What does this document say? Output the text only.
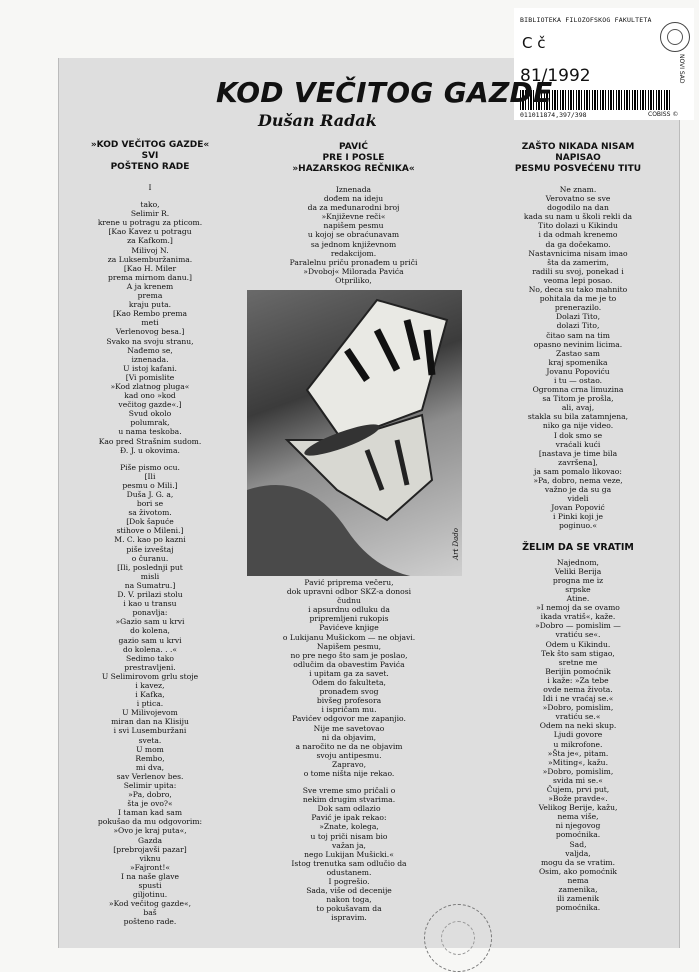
BIBLIOTEKA FILOZOFSKOG FAKULTETA
NOVI SAD
C č
81/1992
011011874,397/398	COBISS ©
KOD VEČITOG GAZDE
Dušan Radak
»KOD VEČITOG GAZDE«
SVI
POŠTENO RADE
I
tako,
Selimir R.
krene u potragu za pticom.
[Kao Kavez u potragu
za Kafkom.]
Milivoj N.
za Luksemburžanima.
[Kao H. Miler
prema mirnom danu.]
A ja krenem
prema
kraju puta.
[Kao Rembo prema
meti
Verlenovog besa.]
Svako na svoju stranu,
Nađemo se,
iznenada.
U istoj kafani.
[Vi pomislite
»Kod zlatnog pluga«
kad ono »kod
večitog gazde«.]
Svud okolo
polumrak,
u nama teskoba.
Kao pred Strašnim sudom.
Đ. J. u okovima.
Piše pismo ocu.
[Ili
pesmu o Mili.]
Duša J. G. a,
bori se
sa životom.
[Dok šapuće
stihove o Mileni.]
M. C. kao po kazni
piše izveštaj
o čuranu.
[Ili, poslednji put
misli
na Sumatru.]
D. V. prilazi stolu
i kao u transu
ponavlja:
»Gazio sam u krvi
do kolena,
gazio sam u krvi
do kolena. . .«
Sedimo tako
prestravljeni.
U Selimirovom grlu stoje
i kavez,
i Kafka,
i ptica.
U Milivojevom
miran dan na Klisiju
i svi Lusemburžani
sveta.
U mom
Rembo,
mi dva,
sav Verlenov bes.
Selimir upita:
»Pa, dobro,
šta je ovo?«
I taman kad sam
pokušao da mu odgovorim:
»Ovo je kraj puta«,
Gazda
[prebrojavši pazar]
viknu
»Fajront!«
I na naše glave
spusti
giljotinu.
»Kod večitog gazde«,
baš
pošteno rade.
PAVIĆ
PRE I POSLE
»HAZARSKOG REČNIKA«
Iznenada
dođem na ideju
da za međunarodni broj
»Književne reči«
napišem pesmu
u kojoj se obraćunavam
sa jednom književnom
redakcijom.
Paralelnu priču pronađem u priči
»Dvoboj« Milorada Pavića
Otpriliko,
Art Dado
Pavić priprema večeru,
dok upravni odbor SKZ-a donosi
čudnu
i apsurdnu odluku da
pripremljeni rukopis
Pavićeve knjige
o Lukijanu Mušickom — ne objavi.
Napišem pesmu,
no pre nego što sam je poslao,
odlučim da obavestim Pavića
i upitam ga za savet.
Odem do fakulteta,
pronađem svog
bivšeg profesora
i ispričam mu.
Pavićev odgovor me zapanjio.
Nije me savetovao
ni da objavim,
a naročito ne da ne objavim
svoju antipesmu.
Zapravo,
o tome ništa nije rekao.
Sve vreme smo pričali o
nekim drugim stvarima.
Dok sam odlazio
Pavić je ipak rekao:
»Znate, kolega,
u toj priči nisam bio
važan ja,
nego Lukijan Mušicki.«
Istog trenutka sam odlučio da
odustanem.
I pogrešio.
Sada, više od decenije
nakon toga,
to pokušavam da
ispravim.
ZAŠTO NIKADA NISAM
NAPISAO
PESMU POSVEĆENU TITU
Ne znam.
Verovatno se sve
dogodilo na dan
kada su nam u školi rekli da
Tito dolazi u Kikindu
i da odmah krenemo
da ga dočekamo.
Nastavnicima nisam imao
šta da zamerim,
radili su svoj, ponekad i
veoma lepi posao.
No, deca su tako mahnito
pohitala da me je to
prenerazilo.
Dolazi Tito,
dolazi Tito,
čitao sam na tim
opasno nevinim licima.
Zastao sam
kraj spomenika
Jovanu Popoviću
i tu — ostao.
Ogromna crna limuzina
sa Titom je prošla,
ali, avaj,
stakla su bila zatamnjena,
niko ga nije video.
I dok smo se
vraćali kući
[nastava je time bila
završena],
ja sam pomalo likovao:
»Pa, dobro, nema veze,
važno je da su ga
videli
Jovan Popović
i Pinki koji je
poginuo.«
ŽELIM DA SE VRATIM
Najednom,
Veliki Berija
progna me iz
srpske
Atine.
»I nemoj da se ovamo
ikada vratiš«, kaže.
»Dobro — pomislim —
vratiću se«.
Odem u Kikindu.
Tek što sam stigao,
sretne me
Berijin pomoćnik
i kaže: »Za tebe
ovde nema života.
Idi i ne vraćaj se.«
»Dobro, pomislim,
vratiću se.«
Odem na neki skup.
Ljudi govore
u mikrofone.
»Šta je«, pitam.
»Miting«, kažu.
»Dobro, pomislim,
svidа mi se.«
Čujem, prvi put,
»Bože pravde«.
Velikog Berije, kažu,
nema više,
ni njegovog
pomoćnika.
Sad,
valjda,
mogu da se vratim.
Osim, ako pomoćnik
nema
zamenika,
ili zamenik
pomoćnika.
